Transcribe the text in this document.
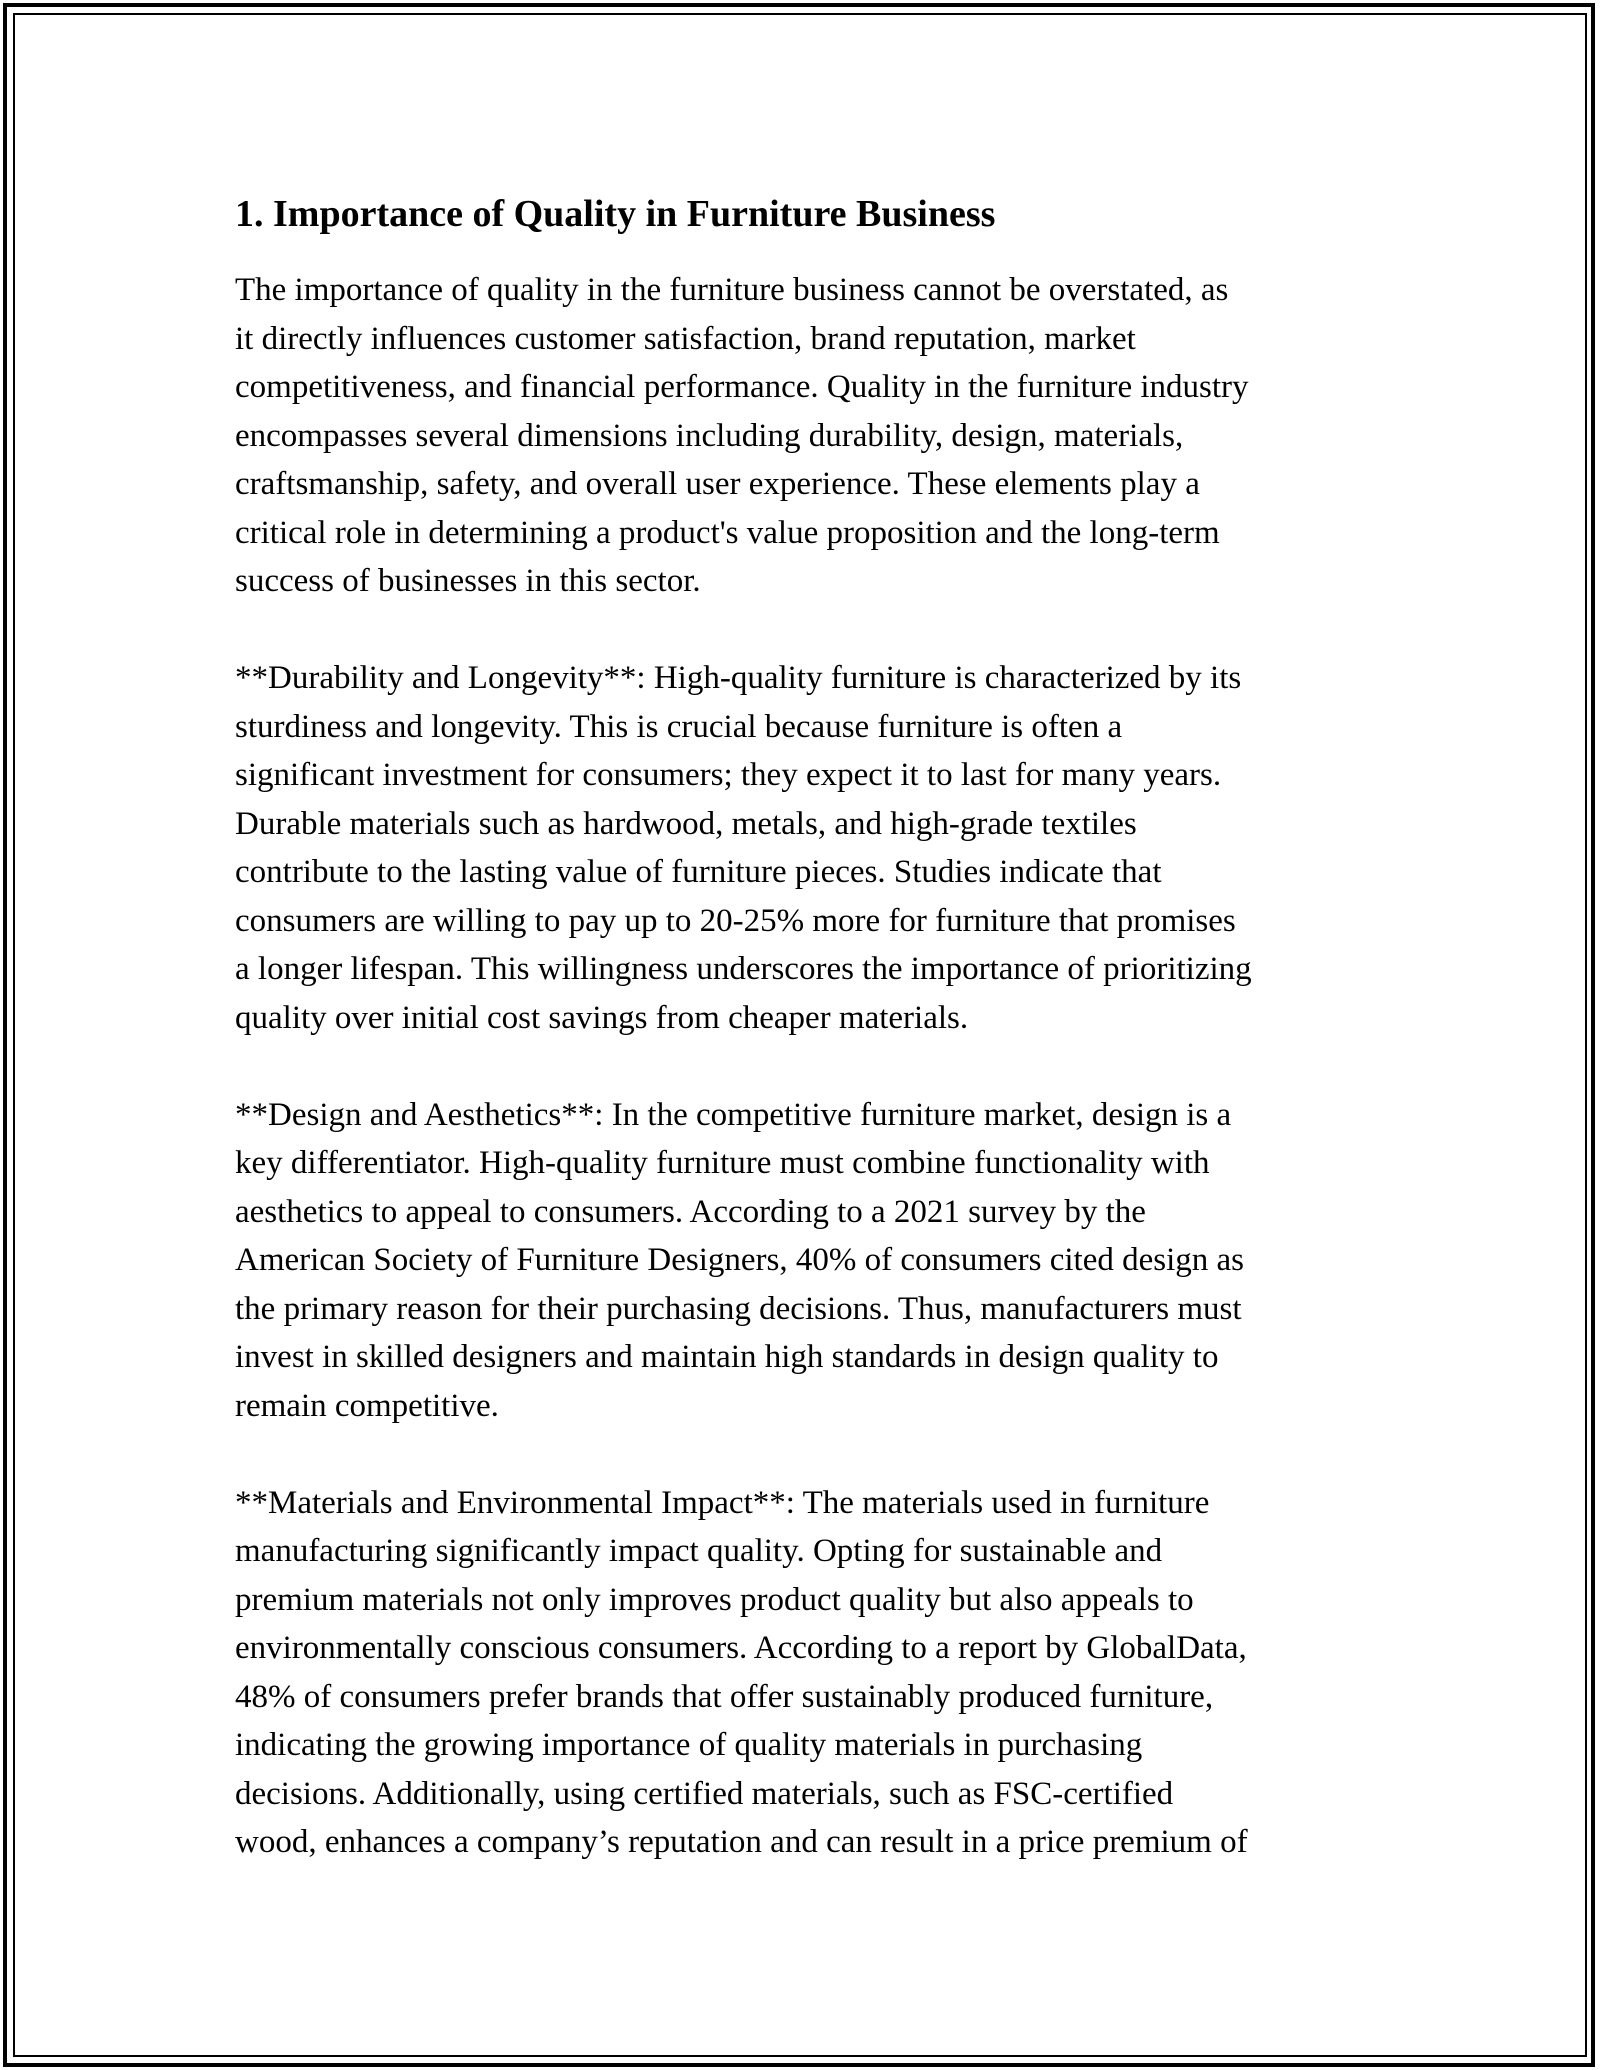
1. Importance of Quality in Furniture Business

The importance of quality in the furniture business cannot be overstated, as
it directly influences customer satisfaction, brand reputation, market
competitiveness, and financial performance. Quality in the furniture industry
encompasses several dimensions including durability, design, materials,
craftsmanship, safety, and overall user experience. These elements play a
critical role in determining a product's value proposition and the long-term
success of businesses in this sector.

**Durability and Longevity**: High-quality furniture is characterized by its
sturdiness and longevity. This is crucial because furniture is often a
significant investment for consumers; they expect it to last for many years.
Durable materials such as hardwood, metals, and high-grade textiles
contribute to the lasting value of furniture pieces. Studies indicate that
consumers are willing to pay up to 20-25% more for furniture that promises
a longer lifespan. This willingness underscores the importance of prioritizing
quality over initial cost savings from cheaper materials.

**Design and Aesthetics**: In the competitive furniture market, design is a
key differentiator. High-quality furniture must combine functionality with
aesthetics to appeal to consumers. According to a 2021 survey by the
American Society of Furniture Designers, 40% of consumers cited design as
the primary reason for their purchasing decisions. Thus, manufacturers must
invest in skilled designers and maintain high standards in design quality to
remain competitive.

**Materials and Environmental Impact**: The materials used in furniture
manufacturing significantly impact quality. Opting for sustainable and
premium materials not only improves product quality but also appeals to
environmentally conscious consumers. According to a report by GlobalData,
48% of consumers prefer brands that offer sustainably produced furniture,
indicating the growing importance of quality materials in purchasing
decisions. Additionally, using certified materials, such as FSC-certified
wood, enhances a company’s reputation and can result in a price premium of
